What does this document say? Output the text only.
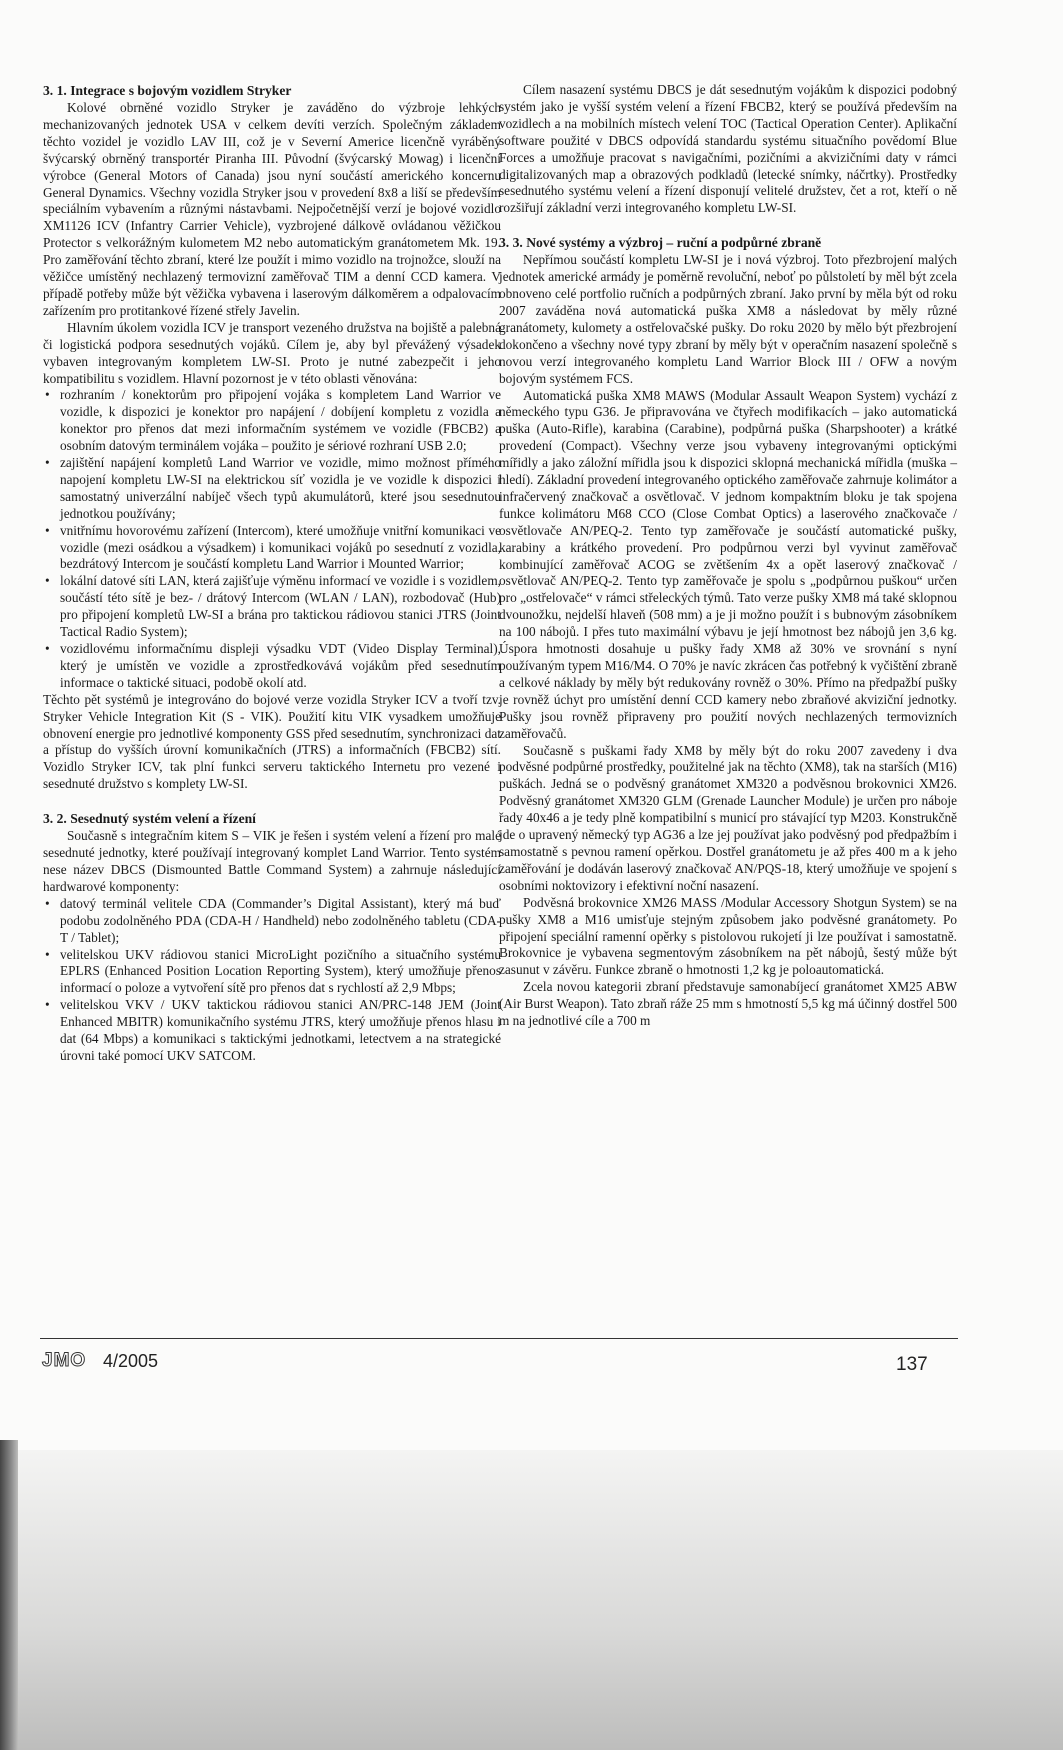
3. 1. Integrace s bojovým vozidlem Stryker

Kolové obrněné vozidlo Stryker je zaváděno do výzbroje lehkých mechanizovaných jednotek USA v celkem devíti verzích. Společným základem těchto vozidel je vozidlo LAV III, což je v Severní Americe licenčně vyráběný švýcarský obrněný transportér Piranha III. Původní (švýcarský Mowag) i licenční výrobce (General Motors of Canada) jsou nyní součástí amerického koncernu General Dynamics. Všechny vozidla Stryker jsou v provedení 8x8 a liší se především speciálním vybavením a různými nástavbami. Nejpočetnější verzí je bojové vozidlo XM1126 ICV (Infantry Carrier Vehicle), vyzbrojené dálkově ovládanou věžičkou Protector s velkorážným kulometem M2 nebo automatickým granátometem Mk. 19. Pro zaměřování těchto zbraní, které lze použít i mimo vozidlo na trojnožce, slouží na věžičce umístěný nechlazený termovizní zaměřovač TIM a denní CCD kamera. V případě potřeby může být věžička vybavena i laserovým dálkoměrem a odpalovacím zařízením pro protitankové řízené střely Javelin.

Hlavním úkolem vozidla ICV je transport vezeného družstva na bojiště a palebná či logistická podpora sesednutých vojáků. Cílem je, aby byl převážený výsadek vybaven integrovaným kompletem LW-SI. Proto je nutné zabezpečit i jeho kompatibilitu s vozidlem. Hlavní pozornost je v této oblasti věnována:

• rozhraním / konektorům pro připojení vojáka s kompletem Land Warrior ve vozidle, k dispozici je konektor pro napájení / dobíjení kompletu z vozidla a konektor pro přenos dat mezi informačním systémem ve vozidle (FBCB2) a osobním datovým terminálem vojáka – použito je sériové rozhraní USB 2.0;
• zajištění napájení kompletů Land Warrior ve vozidle, mimo možnost přímého napojení kompletu LW-SI na elektrickou síť vozidla je ve vozidle k dispozici i samostatný univerzální nabíječ všech typů akumulátorů, které jsou sesednutou jednotkou používány;
• vnitřnímu hovorovému zařízení (Intercom), které umožňuje vnitřní komunikaci ve vozidle (mezi osádkou a výsadkem) i komunikaci vojáků po sesednutí z vozidla, bezdrátový Intercom je součástí kompletu Land Warrior i Mounted Warrior;
• lokální datové síti LAN, která zajišťuje výměnu informací ve vozidle i s vozidlem, součástí této sítě je bez- / drátový Intercom (WLAN / LAN), rozbodovač (Hub) pro připojení kompletů LW-SI a brána pro taktickou rádiovou stanici JTRS (Joint Tactical Radio System);
• vozidlovému informačnímu displeji výsadku VDT (Video Display Terminal), který je umístěn ve vozidle a zprostředkovává vojákům před sesednutím informace o taktické situaci, podobě okolí atd.

Těchto pět systémů je integrováno do bojové verze vozidla Stryker ICV a tvoří tzv. Stryker Vehicle Integration Kit (S - VIK). Použití kitu VIK vysadkem umožňuje obnovení energie pro jednotlivé komponenty GSS před sesednutím, synchronizaci dat a přístup do vyšších úrovní komunikačních (JTRS) a informačních (FBCB2) sítí. Vozidlo Stryker ICV, tak plní funkci serveru taktického Internetu pro vezené i sesednuté družstvo s komplety LW-SI.

3. 2. Sesednutý systém velení a řízení

Současně s integračním kitem S – VIK je řešen i systém velení a řízení pro malé sesednuté jednotky, které používají integrovaný komplet Land Warrior. Tento systém nese název DBCS (Dismounted Battle Command System) a zahrnuje následující hardwarové komponenty:

• datový terminál velitele CDA (Commander’s Digital Assistant), který má buď podobu zodolněného PDA (CDA-H / Handheld) nebo zodolněného tabletu (CDA-T / Tablet);
• velitelskou UKV rádiovou stanici MicroLight pozičního a situačního systému EPLRS (Enhanced Position Location Reporting System), který umožňuje přenos informací o poloze a vytvoření sítě pro přenos dat s rychlostí až 2,9 Mbps;
• velitelskou VKV / UKV taktickou rádiovou stanici AN/PRC-148 JEM (Joint Enhanced MBITR) komunikačního systému JTRS, který umožňuje přenos hlasu i dat (64 Mbps) a komunikaci s taktickými jednotkami, letectvem a na strategické úrovni také pomocí UKV SATCOM.

Cílem nasazení systému DBCS je dát sesednutým vojákům k dispozici podobný systém jako je vyšší systém velení a řízení FBCB2, který se používá především na vozidlech a na mobilních místech velení TOC (Tactical Operation Center). Aplikační software použité v DBCS odpovídá standardu systému situačního povědomí Blue Forces a umožňuje pracovat s navigačními, pozičními a akvizičními daty v rámci digitalizovaných map a obrazových podkladů (letecké snímky, náčrtky). Prostředky sesednutého systému velení a řízení disponují velitelé družstev, čet a rot, kteří o ně rozšiřují základní verzi integrovaného kompletu LW-SI.

3. 3. Nové systémy a výzbroj – ruční a podpůrné zbraně

Nepřímou součástí kompletu LW-SI je i nová výzbroj. Toto přezbrojení malých jednotek americké armády je poměrně revoluční, neboť po půlstoletí by měl být zcela obnoveno celé portfolio ručních a podpůrných zbraní. Jako první by měla být od roku 2007 zaváděna nová automatická puška XM8 a následovat by měly různé granátomety, kulomety a ostřelovačské pušky. Do roku 2020 by mělo být přezbrojení dokončeno a všechny nové typy zbraní by měly být v operačním nasazení společně s novou verzí integrovaného kompletu Land Warrior Block III / OFW a novým bojovým systémem FCS.

Automatická puška XM8 MAWS (Modular Assault Weapon System) vychází z německého typu G36. Je připravována ve čtyřech modifikacích – jako automatická puška (Auto-Rifle), karabina (Carabine), podpůrná puška (Sharpshooter) a krátké provedení (Compact). Všechny verze jsou vybaveny integrovanými optickými mířidly a jako záložní mířidla jsou k dispozici sklopná mechanická mířidla (muška – hledí). Základní provedení integrovaného optického zaměřovače zahrnuje kolimátor a infračervený značkovač a osvětlovač. V jednom kompaktním bloku je tak spojena funkce kolimátoru M68 CCO (Close Combat Optics) a laserového značkovače / osvětlovače AN/PEQ-2. Tento typ zaměřovače je součástí automatické pušky, karabiny a krátkého provedení. Pro podpůrnou verzi byl vyvinut zaměřovač kombinující zaměřovač ACOG se zvětšením 4x a opět laserový značkovač / osvětlovač AN/PEQ-2. Tento typ zaměřovače je spolu s „podpůrnou puškou“ určen pro „ostřelovače“ v rámci střeleckých týmů. Tato verze pušky XM8 má také sklopnou dvounožku, nejdelší hlaveň (508 mm) a je ji možno použít i s bubnovým zásobníkem na 100 nábojů. I přes tuto maximální výbavu je její hmotnost bez nábojů jen 3,6 kg. Úspora hmotnosti dosahuje u pušky řady XM8 až 30% ve srovnání s nyní používaným typem M16/M4. O 70% je navíc zkrácen čas potřebný k vyčištění zbraně a celkové náklady by měly být redukovány rovněž o 30%. Přímo na předpažbí pušky je rovněž úchyt pro umístění denní CCD kamery nebo zbraňové akviziční jednotky. Pušky jsou rovněž připraveny pro použití nových nechlazených termovizních zaměřovačů.

Současně s puškami řady XM8 by měly být do roku 2007 zavedeny i dva podvěsné podpůrné prostředky, použitelné jak na těchto (XM8), tak na starších (M16) puškách. Jedná se o podvěsný granátomet XM320 a podvěsnou brokovnici XM26. Podvěsný granátomet XM320 GLM (Grenade Launcher Module) je určen pro náboje řady 40x46 a je tedy plně kompatibilní s municí pro stávající typ M203. Konstrukčně jde o upravený německý typ AG36 a lze jej používat jako podvěsný pod předpažbím i samostatně s pevnou ramení opěrkou. Dostřel granátometu je až přes 400 m a k jeho zaměřování je dodáván laserový značkovač AN/PQS-18, který umožňuje ve spojení s osobními noktovizory i efektivní noční nasazení.

Podvěsná brokovnice XM26 MASS /Modular Accessory Shotgun System) se na pušky XM8 a M16 umisťuje stejným způsobem jako podvěsné granátomety. Po připojení speciální ramenní opěrky s pistolovou rukojetí ji lze používat i samostatně. Brokovnice je vybavena segmentovým zásobníkem na pět nábojů, šestý může být zasunut v závěru. Funkce zbraně o hmotnosti 1,2 kg je poloautomatická.

Zcela novou kategorii zbraní představuje samonabíjecí granátomet XM25 ABW (Air Burst Weapon). Tato zbraň ráže 25 mm s hmotností 5,5 kg má účinný dostřel 500 m na jednotlivé cíle a 700 m

JMO 4/2005	137
